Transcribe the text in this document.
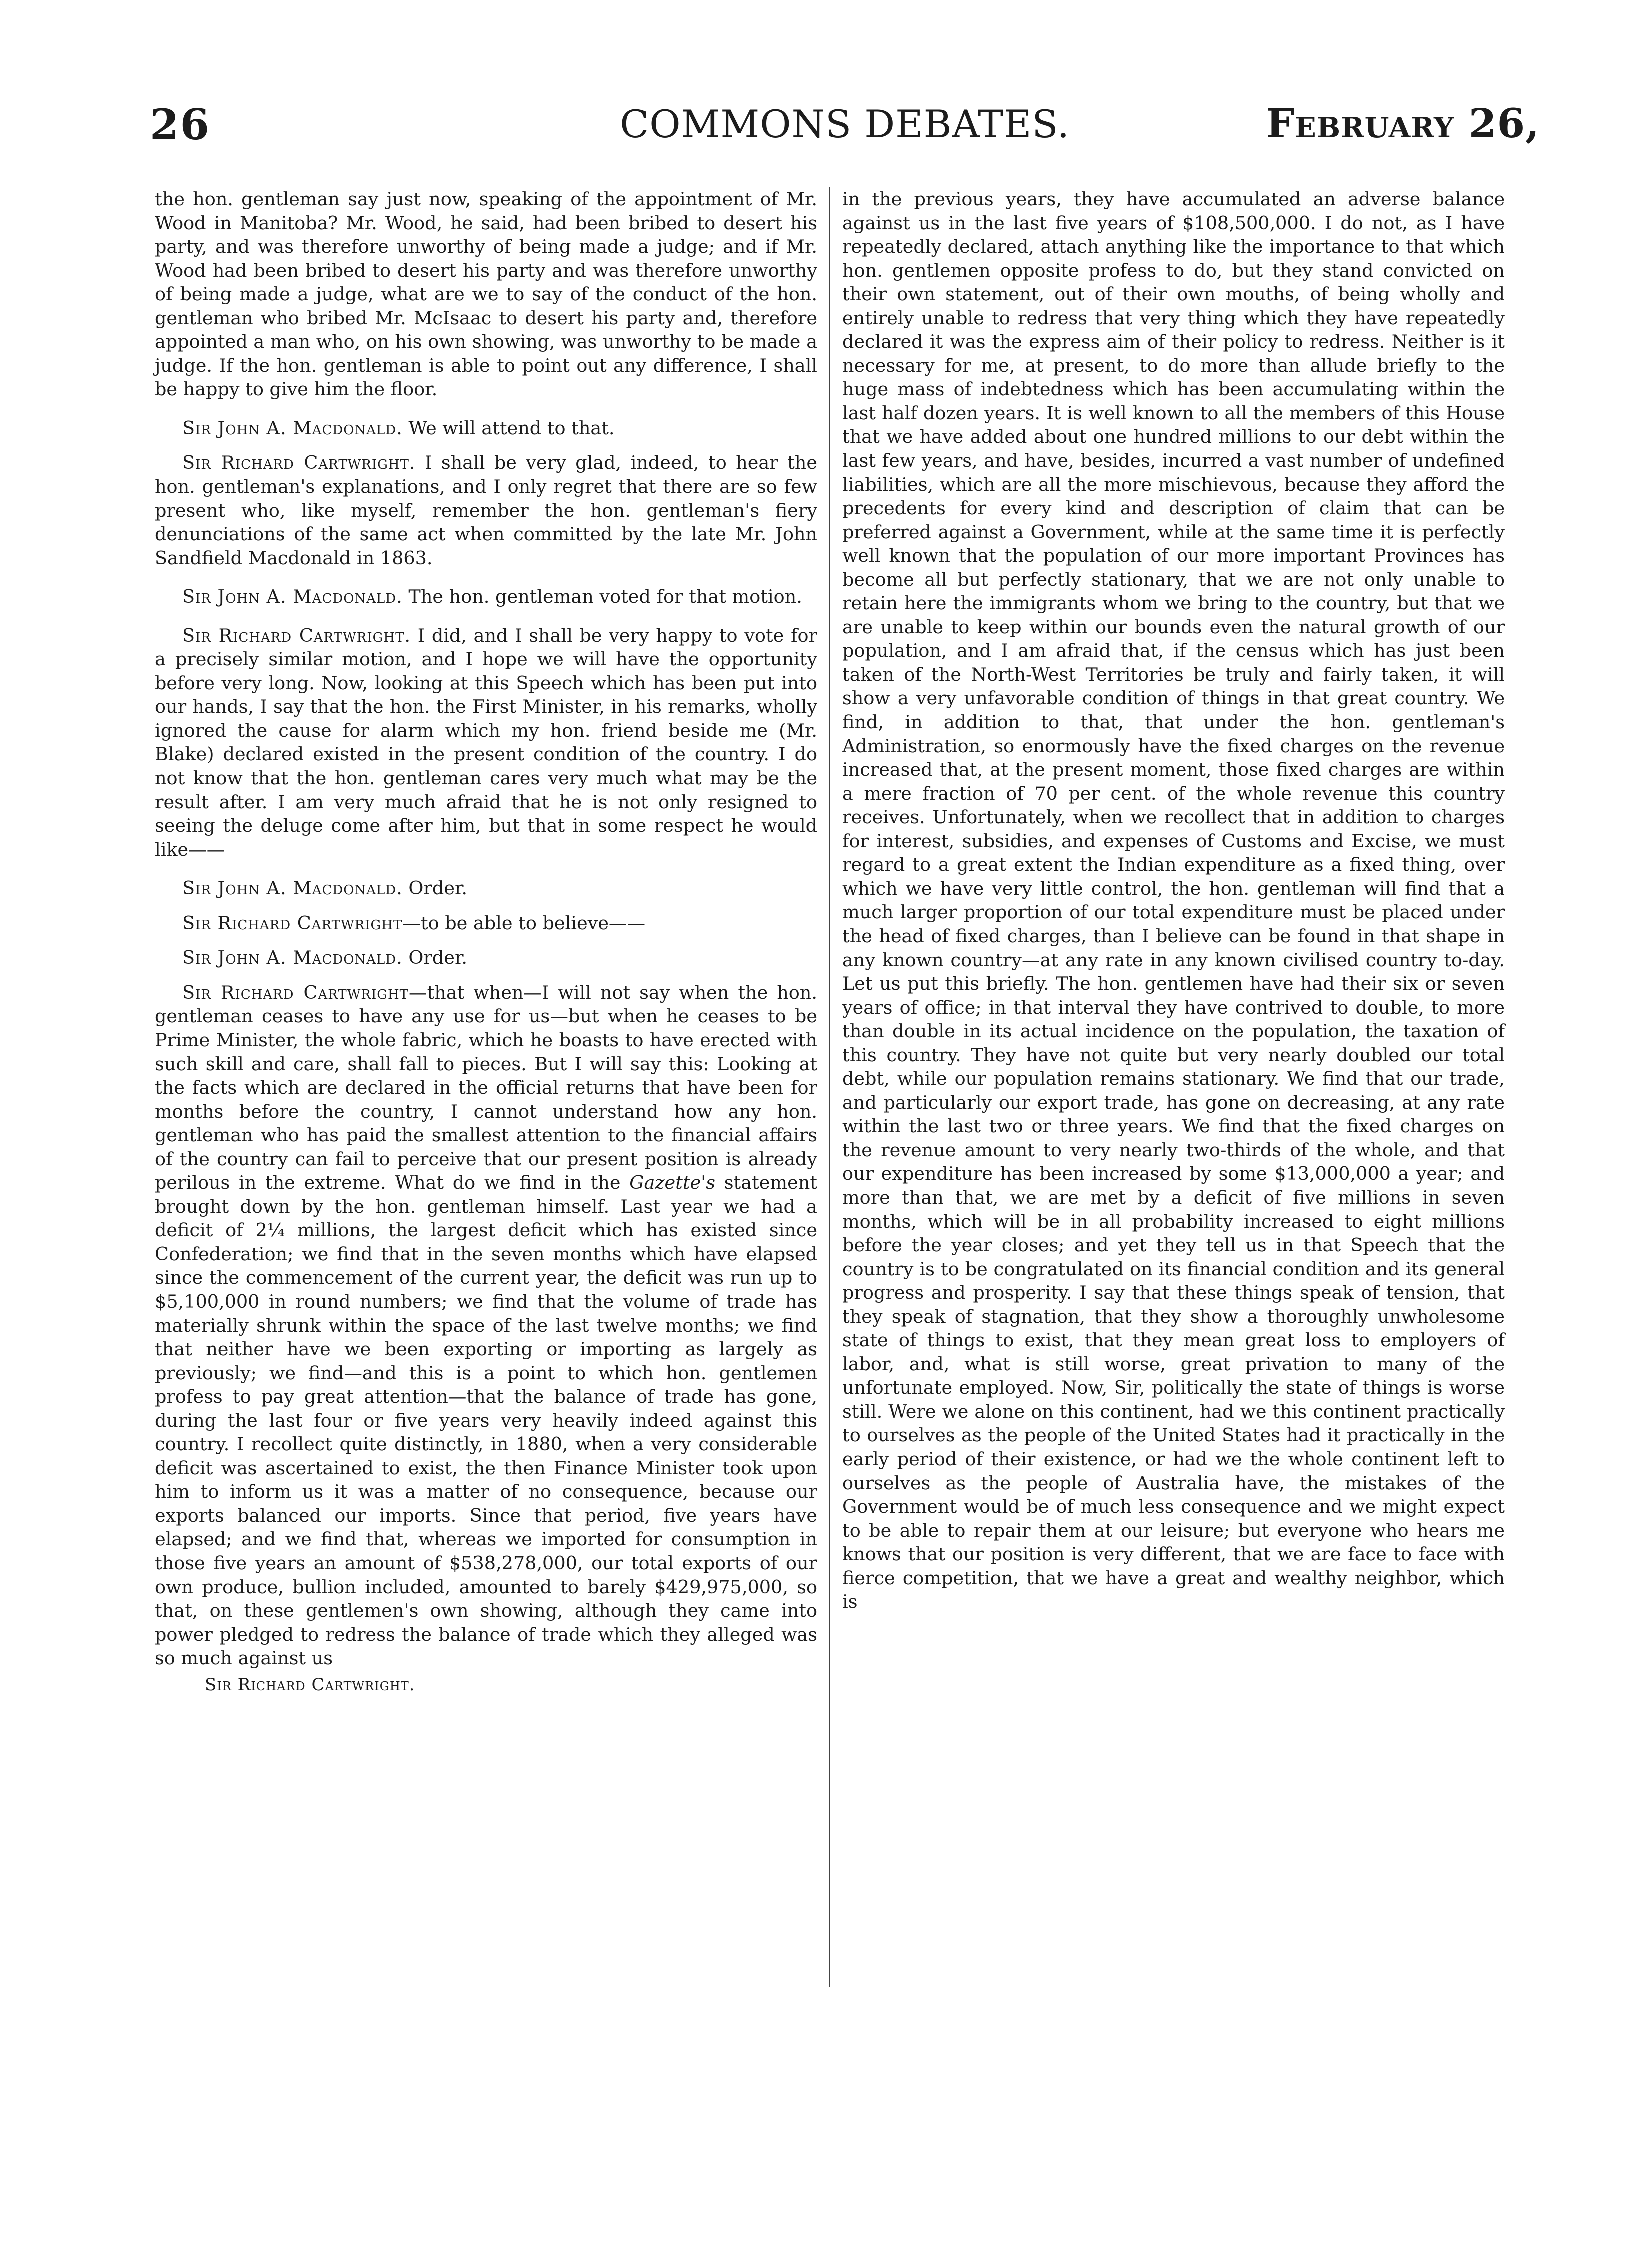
26	COMMONS DEBATES.	February 26,

the hon. gentleman say just now, speaking of the appointment of Mr. Wood in Manitoba? Mr. Wood, he said, had been bribed to desert his party, and was therefore unworthy of being made a judge; and if Mr. Wood had been bribed to desert his party and was therefore unworthy of being made a judge, what are we to say of the conduct of the hon. gentleman who bribed Mr. McIsaac to desert his party and, therefore appointed a man who, on his own showing, was unworthy to be made a judge. If the hon. gentleman is able to point out any difference, I shall be happy to give him the floor.

Sir John A. Macdonald. We will attend to that.

Sir Richard Cartwright. I shall be very glad, indeed, to hear the hon. gentleman's explanations, and I only regret that there are so few present who, like myself, remember the hon. gentleman's fiery denunciations of the same act when committed by the late Mr. John Sandfield Macdonald in 1863.

Sir John A. Macdonald. The hon. gentleman voted for that motion.

Sir Richard Cartwright. I did, and I shall be very happy to vote for a precisely similar motion, and I hope we will have the opportunity before very long. Now, looking at this Speech which has been put into our hands, I say that the hon. the First Minister, in his remarks, wholly ignored the cause for alarm which my hon. friend beside me (Mr. Blake) declared existed in the present condition of the country. I do not know that the hon. gentleman cares very much what may be the result after. I am very much afraid that he is not only resigned to seeing the deluge come after him, but that in some respect he would like——

Sir John A. Macdonald. Order.

Sir Richard Cartwright—to be able to believe——

Sir John A. Macdonald. Order.

Sir Richard Cartwright—that when—I will not say when the hon. gentleman ceases to have any use for us—but when he ceases to be Prime Minister, the whole fabric, which he boasts to have erected with such skill and care, shall fall to pieces. But I will say this: Looking at the facts which are declared in the official returns that have been for months before the country, I cannot understand how any hon. gentleman who has paid the smallest attention to the financial affairs of the country can fail to perceive that our present position is already perilous in the extreme. What do we find in the Gazette's statement brought down by the hon. gentleman himself. Last year we had a deficit of 2¼ millions, the largest deficit which has existed since Confederation; we find that in the seven months which have elapsed since the commencement of the current year, the deficit was run up to $5,100,000 in round numbers; we find that the volume of trade has materially shrunk within the space of the last twelve months; we find that neither have we been exporting or importing as largely as previously; we find—and this is a point to which hon. gentlemen profess to pay great attention—that the balance of trade has gone, during the last four or five years very heavily indeed against this country. I recollect quite distinctly, in 1880, when a very considerable deficit was ascertained to exist, the then Finance Minister took upon him to inform us it was a matter of no consequence, because our exports balanced our imports. Since that period, five years have elapsed; and we find that, whereas we imported for consumption in those five years an amount of $538,278,000, our total exports of our own produce, bullion included, amounted to barely $429,975,000, so that, on these gentlemen's own showing, although they came into power pledged to redress the balance of trade which they alleged was so much against us

Sir Richard Cartwright.

in the previous years, they have accumulated an adverse balance against us in the last five years of $108,500,000. I do not, as I have repeatedly declared, attach anything like the importance to that which hon. gentlemen opposite profess to do, but they stand convicted on their own statement, out of their own mouths, of being wholly and entirely unable to redress that very thing which they have repeatedly declared it was the express aim of their policy to redress. Neither is it necessary for me, at present, to do more than allude briefly to the huge mass of indebtedness which has been accumulating within the last half dozen years. It is well known to all the members of this House that we have added about one hundred millions to our debt within the last few years, and have, besides, incurred a vast number of undefined liabilities, which are all the more mischievous, because they afford the precedents for every kind and description of claim that can be preferred against a Government, while at the same time it is perfectly well known that the population of our more important Provinces has become all but perfectly stationary, that we are not only unable to retain here the immigrants whom we bring to the country, but that we are unable to keep within our bounds even the natural growth of our population, and I am afraid that, if the census which has just been taken of the North-West Territories be truly and fairly taken, it will show a very unfavorable condition of things in that great country. We find, in addition to that, that under the hon. gentleman's Administration, so enormously have the fixed charges on the revenue increased that, at the present moment, those fixed charges are within a mere fraction of 70 per cent. of the whole revenue this country receives. Unfortunately, when we recollect that in addition to charges for interest, subsidies, and expenses of Customs and Excise, we must regard to a great extent the Indian expenditure as a fixed thing, over which we have very little control, the hon. gentleman will find that a much larger proportion of our total expenditure must be placed under the head of fixed charges, than I believe can be found in that shape in any known country—at any rate in any known civilised country to-day. Let us put this briefly. The hon. gentlemen have had their six or seven years of office; in that interval they have contrived to double, to more than double in its actual incidence on the population, the taxation of this country. They have not quite but very nearly doubled our total debt, while our population remains stationary. We find that our trade, and particularly our export trade, has gone on decreasing, at any rate within the last two or three years. We find that the fixed charges on the revenue amount to very nearly two-thirds of the whole, and that our expenditure has been increased by some $13,000,000 a year; and more than that, we are met by a deficit of five millions in seven months, which will be in all probability increased to eight millions before the year closes; and yet they tell us in that Speech that the country is to be congratulated on its financial condition and its general progress and prosperity. I say that these things speak of tension, that they speak of stagnation, that they show a thoroughly unwholesome state of things to exist, that they mean great loss to employers of labor, and, what is still worse, great privation to many of the unfortunate employed. Now, Sir, politically the state of things is worse still. Were we alone on this continent, had we this continent practically to ourselves as the people of the United States had it practically in the early period of their existence, or had we the whole continent left to ourselves as the people of Australia have, the mistakes of the Government would be of much less consequence and we might expect to be able to repair them at our leisure; but everyone who hears me knows that our position is very different, that we are face to face with fierce competition, that we have a great and wealthy neighbor, which is
